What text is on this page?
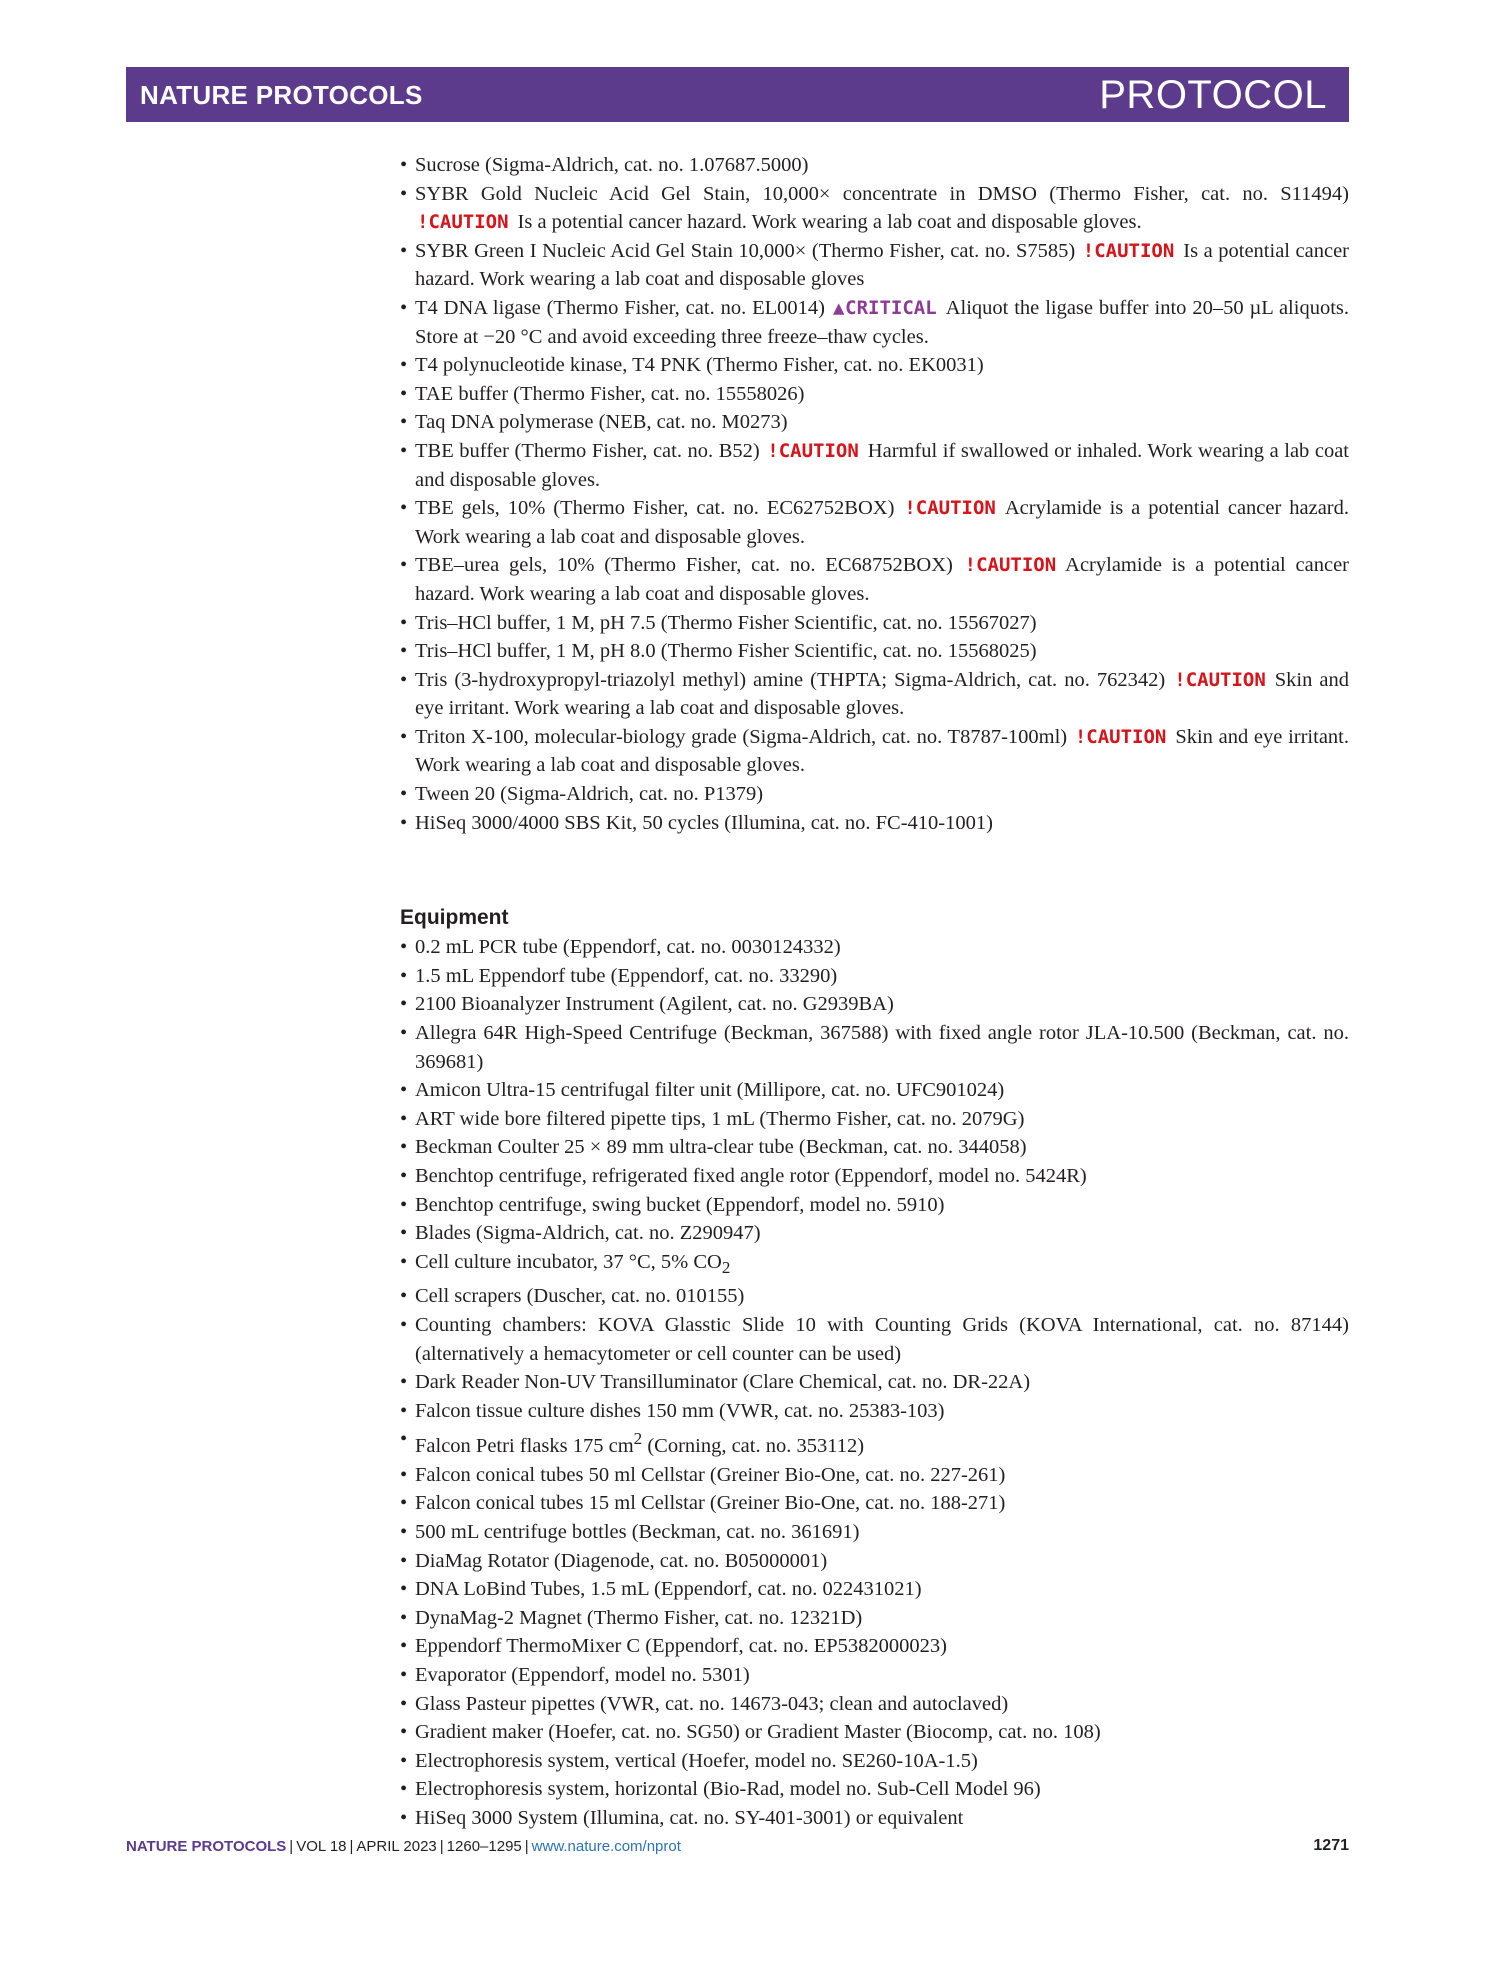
NATURE PROTOCOLS	PROTOCOL
• Sucrose (Sigma-Aldrich, cat. no. 1.07687.5000)
• SYBR Gold Nucleic Acid Gel Stain, 10,000× concentrate in DMSO (Thermo Fisher, cat. no. S11494) !CAUTION Is a potential cancer hazard. Work wearing a lab coat and disposable gloves.
• SYBR Green I Nucleic Acid Gel Stain 10,000× (Thermo Fisher, cat. no. S7585) !CAUTION Is a potential cancer hazard. Work wearing a lab coat and disposable gloves
• T4 DNA ligase (Thermo Fisher, cat. no. EL0014) ▲CRITICAL Aliquot the ligase buffer into 20–50 µL aliquots. Store at −20 °C and avoid exceeding three freeze–thaw cycles.
• T4 polynucleotide kinase, T4 PNK (Thermo Fisher, cat. no. EK0031)
• TAE buffer (Thermo Fisher, cat. no. 15558026)
• Taq DNA polymerase (NEB, cat. no. M0273)
• TBE buffer (Thermo Fisher, cat. no. B52) !CAUTION Harmful if swallowed or inhaled. Work wearing a lab coat and disposable gloves.
• TBE gels, 10% (Thermo Fisher, cat. no. EC62752BOX) !CAUTION Acrylamide is a potential cancer hazard. Work wearing a lab coat and disposable gloves.
• TBE–urea gels, 10% (Thermo Fisher, cat. no. EC68752BOX) !CAUTION Acrylamide is a potential cancer hazard. Work wearing a lab coat and disposable gloves.
• Tris–HCl buffer, 1 M, pH 7.5 (Thermo Fisher Scientific, cat. no. 15567027)
• Tris–HCl buffer, 1 M, pH 8.0 (Thermo Fisher Scientific, cat. no. 15568025)
• Tris (3-hydroxypropyl-triazolyl methyl) amine (THPTA; Sigma-Aldrich, cat. no. 762342) !CAUTION Skin and eye irritant. Work wearing a lab coat and disposable gloves.
• Triton X-100, molecular-biology grade (Sigma-Aldrich, cat. no. T8787-100ml) !CAUTION Skin and eye irritant. Work wearing a lab coat and disposable gloves.
• Tween 20 (Sigma-Aldrich, cat. no. P1379)
• HiSeq 3000/4000 SBS Kit, 50 cycles (Illumina, cat. no. FC-410-1001)
Equipment
• 0.2 mL PCR tube (Eppendorf, cat. no. 0030124332)
• 1.5 mL Eppendorf tube (Eppendorf, cat. no. 33290)
• 2100 Bioanalyzer Instrument (Agilent, cat. no. G2939BA)
• Allegra 64R High-Speed Centrifuge (Beckman, 367588) with fixed angle rotor JLA-10.500 (Beckman, cat. no. 369681)
• Amicon Ultra-15 centrifugal filter unit (Millipore, cat. no. UFC901024)
• ART wide bore filtered pipette tips, 1 mL (Thermo Fisher, cat. no. 2079G)
• Beckman Coulter 25 × 89 mm ultra-clear tube (Beckman, cat. no. 344058)
• Benchtop centrifuge, refrigerated fixed angle rotor (Eppendorf, model no. 5424R)
• Benchtop centrifuge, swing bucket (Eppendorf, model no. 5910)
• Blades (Sigma-Aldrich, cat. no. Z290947)
• Cell culture incubator, 37 °C, 5% $CO_2$
• Cell scrapers (Duscher, cat. no. 010155)
• Counting chambers: KOVA Glasstic Slide 10 with Counting Grids (KOVA International, cat. no. 87144) (alternatively a hemacytometer or cell counter can be used)
• Dark Reader Non-UV Transilluminator (Clare Chemical, cat. no. DR-22A)
• Falcon tissue culture dishes 150 mm (VWR, cat. no. 25383-103)
• Falcon Petri flasks 175 $cm^2$ (Corning, cat. no. 353112)
• Falcon conical tubes 50 ml Cellstar (Greiner Bio-One, cat. no. 227-261)
• Falcon conical tubes 15 ml Cellstar (Greiner Bio-One, cat. no. 188-271)
• 500 mL centrifuge bottles (Beckman, cat. no. 361691)
• DiaMag Rotator (Diagenode, cat. no. B05000001)
• DNA LoBind Tubes, 1.5 mL (Eppendorf, cat. no. 022431021)
• DynaMag-2 Magnet (Thermo Fisher, cat. no. 12321D)
• Eppendorf ThermoMixer C (Eppendorf, cat. no. EP5382000023)
• Evaporator (Eppendorf, model no. 5301)
• Glass Pasteur pipettes (VWR, cat. no. 14673-043; clean and autoclaved)
• Gradient maker (Hoefer, cat. no. SG50) or Gradient Master (Biocomp, cat. no. 108)
• Electrophoresis system, vertical (Hoefer, model no. SE260-10A-1.5)
• Electrophoresis system, horizontal (Bio-Rad, model no. Sub-Cell Model 96)
• HiSeq 3000 System (Illumina, cat. no. SY-401-3001) or equivalent
NATURE PROTOCOLS | VOL 18 | APRIL 2023 | 1260–1295 | www.nature.com/nprot	1271
